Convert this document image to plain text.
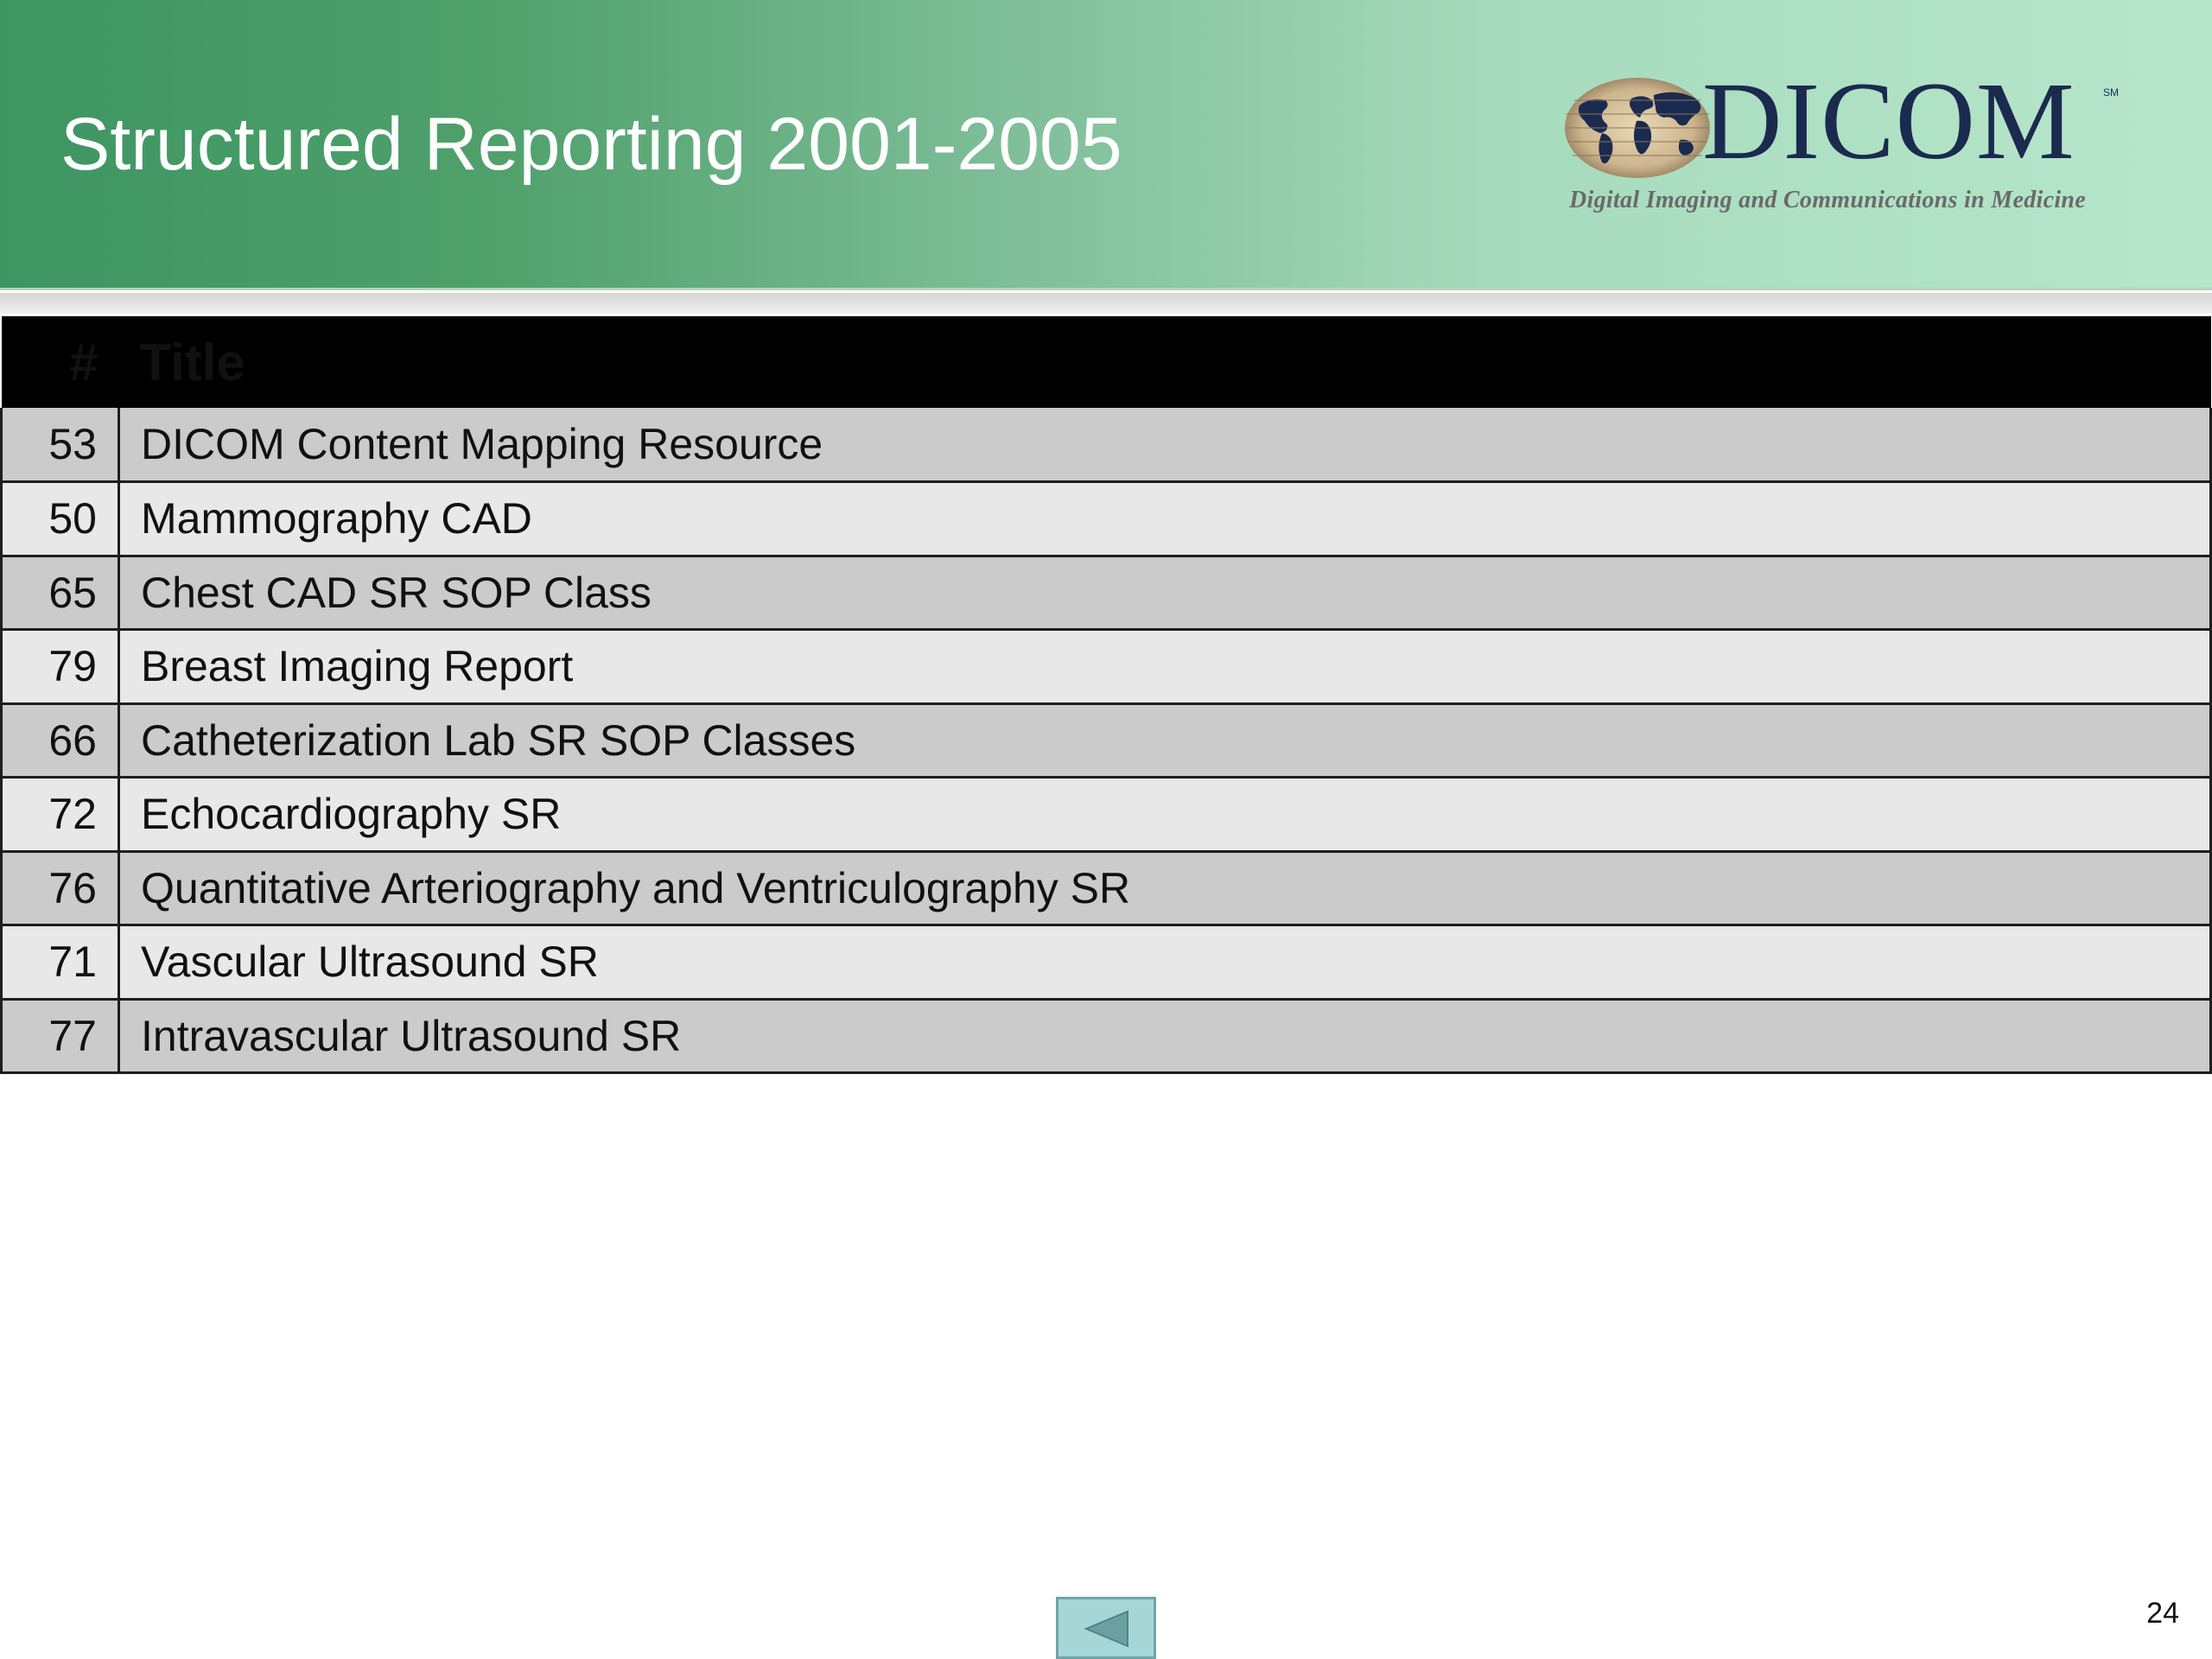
Structured Reporting 2001-2005	DICOM	SM
Digital Imaging and Communications in Medicine
#	Title
53	DICOM Content Mapping Resource
50	Mammography CAD
65	Chest CAD SR SOP Class
79	Breast Imaging Report
66	Catheterization Lab SR SOP Classes
72	Echocardiography SR
76	Quantitative Arteriography and Ventriculography SR
71	Vascular Ultrasound SR
77	Intravascular Ultrasound SR
24
